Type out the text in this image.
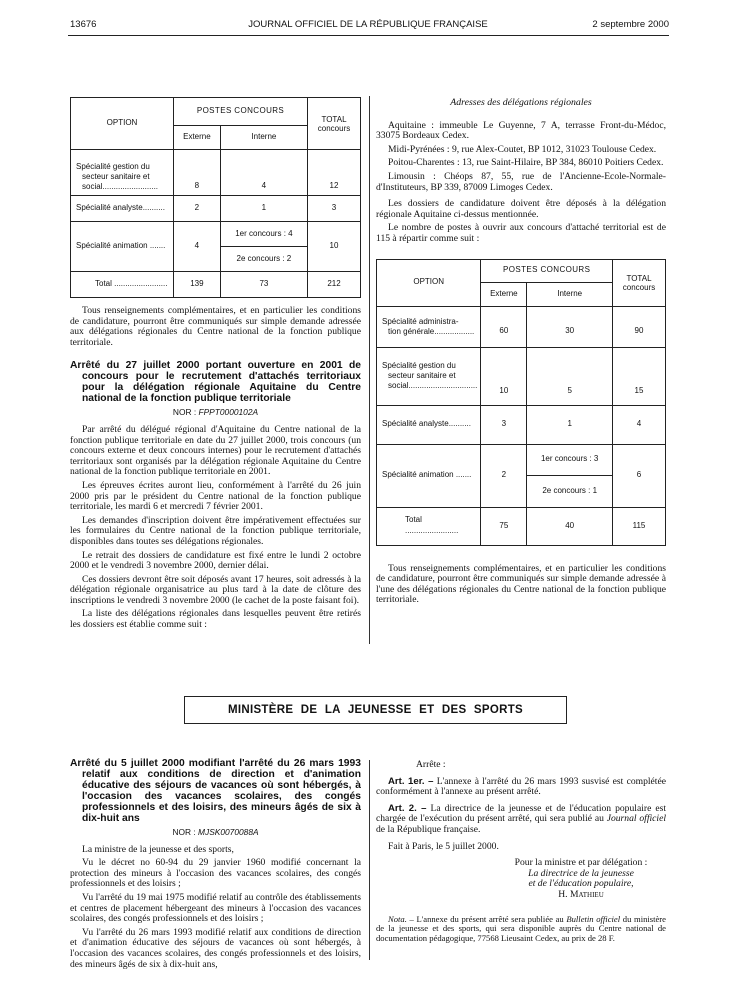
13676	JOURNAL OFFICIEL DE LA RÉPUBLIQUE FRANÇAISE	2 septembre 2000
OPTION	POSTES CONCOURS		TOTAL
concours
	Externe	Interne	

Spécialité gestion du
secteur sanitaire et
social.........................	8	4	12
Spécialité analyste..........	2	1	3
Spécialité animation .......	4	1er concours : 4	10
		2e concours : 2	
Total ........................	139	73	212

Tous renseignements complémentaires, et en particulier les conditions de candidature, pourront être communiqués sur simple demande adressée aux délégations régionales du Centre national de la fonction publique territoriale.

Arrêté du 27 juillet 2000 portant ouverture en 2001 de concours pour le recrutement d'attachés territoriaux pour la délégation régionale Aquitaine du Centre national de la fonction publique territoriale
NOR : FPPT0000102A

Par arrêté du délégué régional d'Aquitaine du Centre national de la fonction publique territoriale en date du 27 juillet 2000, trois concours (un concours externe et deux concours internes) pour le recrutement d'attachés territoriaux sont organisés par la délégation régionale Aquitaine du Centre national de la fonction publique territoriale en 2001.

Les épreuves écrites auront lieu, conformément à l'arrêté du 26 juin 2000 pris par le président du Centre national de la fonction publique territoriale, les mardi 6 et mercredi 7 février 2001.

Les demandes d'inscription doivent être impérativement effectuées sur les formulaires du Centre national de la fonction publique territoriale, disponibles dans toutes ses délégations régionales.

Le retrait des dossiers de candidature est fixé entre le lundi 2 octobre 2000 et le vendredi 3 novembre 2000, dernier délai.

Ces dossiers devront être soit déposés avant 17 heures, soit adressés à la délégation régionale organisatrice au plus tard à la date de clôture des inscriptions le vendredi 3 novembre 2000 (le cachet de la poste faisant foi).

La liste des délégations régionales dans lesquelles peuvent être retirés les dossiers est établie comme suit :

Adresses des délégations régionales

Aquitaine : immeuble Le Guyenne, 7 A, terrasse Front-du-Médoc, 33075 Bordeaux Cedex.

Midi-Pyrénées : 9, rue Alex-Coutet, BP 1012, 31023 Toulouse Cedex.

Poitou-Charentes : 13, rue Saint-Hilaire, BP 384, 86010 Poitiers Cedex.

Limousin : Chéops 87, 55, rue de l'Ancienne-Ecole-Normale-d'Instituteurs, BP 339, 87009 Limoges Cedex.

Les dossiers de candidature doivent être déposés à la délégation régionale Aquitaine ci-dessus mentionnée.

Le nombre de postes à ouvrir aux concours d'attaché territorial est de 115 à répartir comme suit :

OPTION	POSTES CONCOURS		TOTAL
concours
	Externe	Interne	

Spécialité administra-
tion générale..................	60	30	90

Spécialité gestion du
secteur sanitaire et
social...............................	10	5	15
Spécialité analyste..........	3	1	4
Spécialité animation .......	2	1er concours : 3	6
		2e concours : 1	
Total ........................	75	40	115

Tous renseignements complémentaires, et en particulier les conditions de candidature, pourront être communiqués sur simple demande adressée à l'une des délégations régionales du Centre national de la fonction publique territoriale.

MINISTÈRE DE LA JEUNESSE ET DES SPORTS
Arrêté du 5 juillet 2000 modifiant l'arrêté du 26 mars 1993 relatif aux conditions de direction et d'animation éducative des séjours de vacances où sont hébergés, à l'occasion des vacances scolaires, des congés professionnels et des loisirs, des mineurs âgés de six à dix-huit ans
NOR : MJSK0070088A

La ministre de la jeunesse et des sports,

Vu le décret no 60-94 du 29 janvier 1960 modifié concernant la protection des mineurs à l'occasion des vacances scolaires, des congés professionnels et des loisirs ;

Vu l'arrêté du 19 mai 1975 modifié relatif au contrôle des établissements et centres de placement hébergeant des mineurs à l'occasion des vacances scolaires, des congés professionnels et des loisirs ;

Vu l'arrêté du 26 mars 1993 modifié relatif aux conditions de direction et d'animation éducative des séjours de vacances où sont hébergés, à l'occasion des vacances scolaires, des congés professionnels et des loisirs, des mineurs âgés de six à dix-huit ans,

Arrête :

Art. 1er. – L'annexe à l'arrêté du 26 mars 1993 susvisé est complétée conformément à l'annexe au présent arrêté.

Art. 2. – La directrice de la jeunesse et de l'éducation populaire est chargée de l'exécution du présent arrêté, qui sera publié au Journal officiel de la République française.

Fait à Paris, le 5 juillet 2000.

Pour la ministre et par délégation :
La directrice de la jeunesse
et de l'éducation populaire,
H. Mathieu

Nota. – L'annexe du présent arrêté sera publiée au Bulletin officiel du ministère de la jeunesse et des sports, qui sera disponible auprès du Centre national de documentation pédagogique, 77568 Lieusaint Cedex, au prix de 28 F.
